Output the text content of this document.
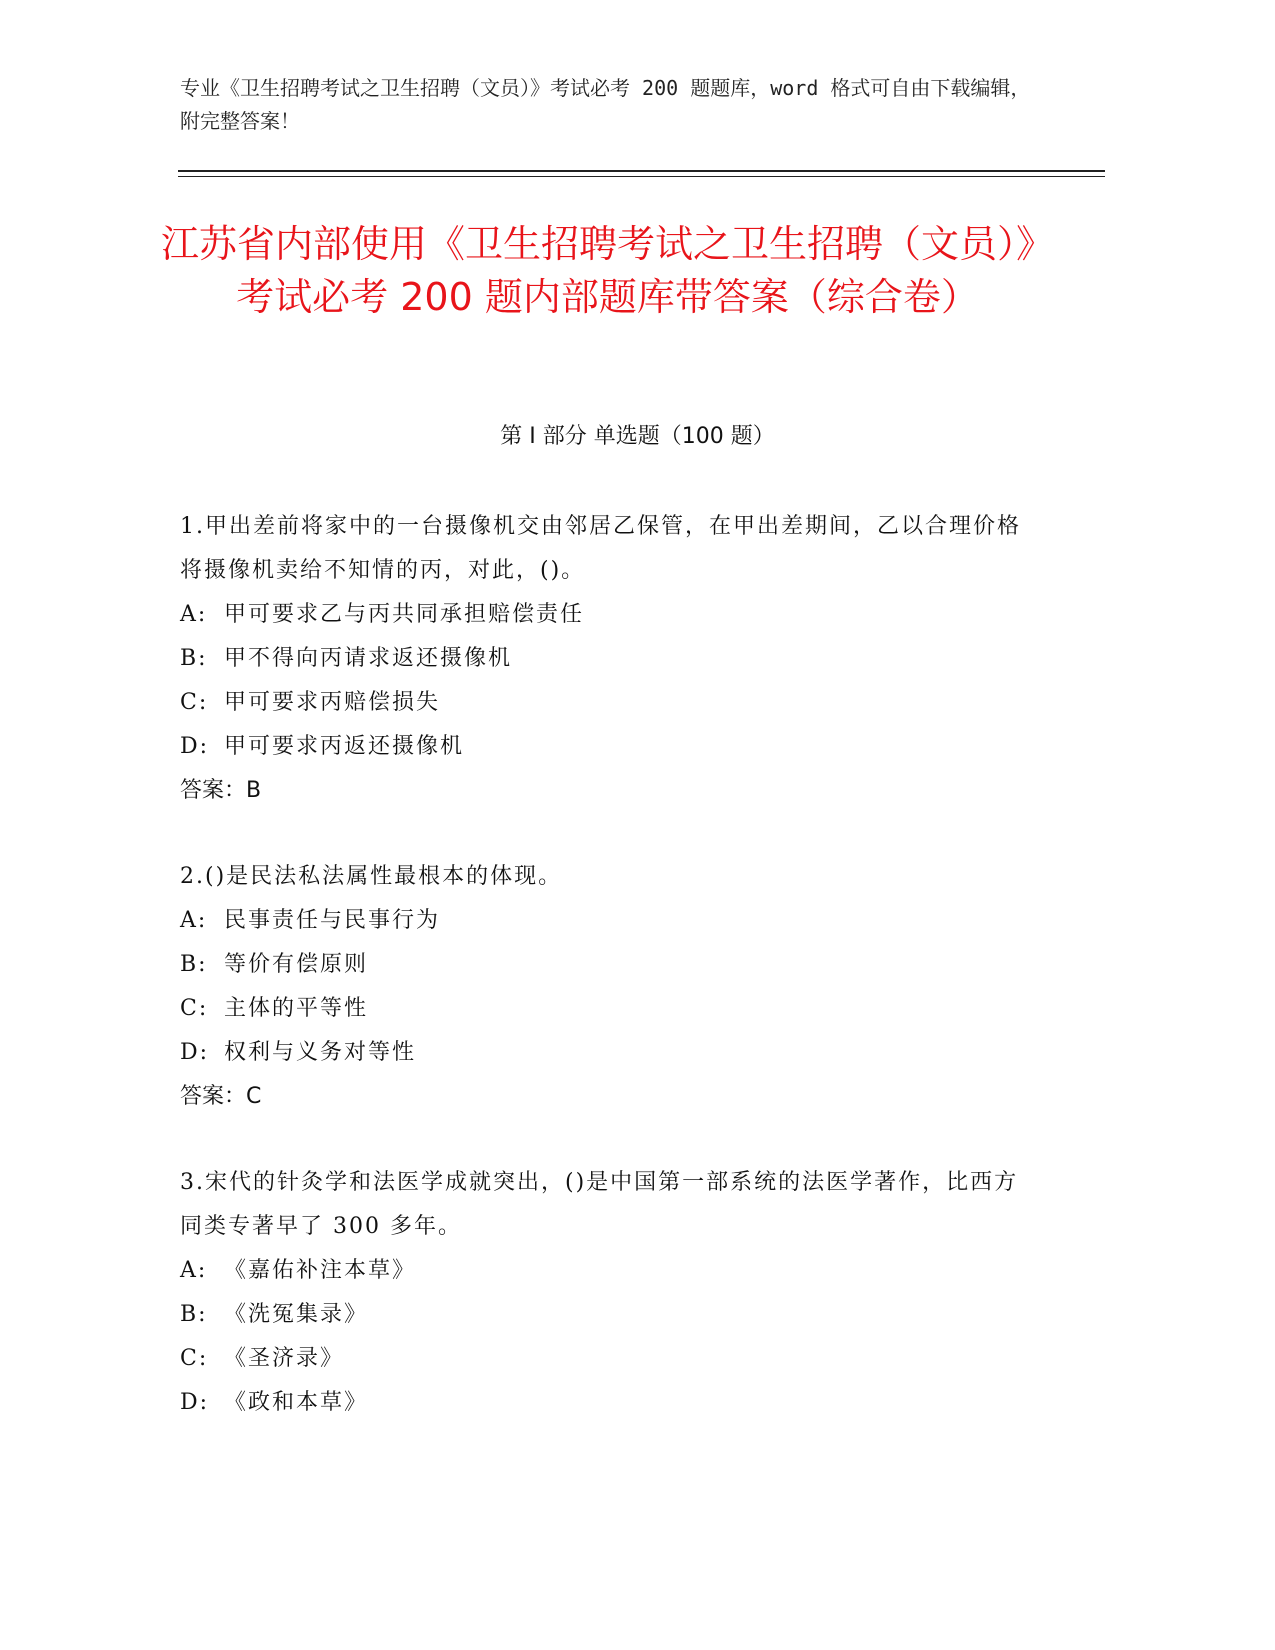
专业《卫生招聘考试之卫生招聘（文员）》考试必考 200 题题库，word 格式可自由下载编辑，附完整答案！
江苏省内部使用《卫生招聘考试之卫生招聘（文员）》考试必考 200 题内部题库带答案（综合卷）
第 I 部分 单选题（100 题）
1.甲出差前将家中的一台摄像机交由邻居乙保管，在甲出差期间，乙以合理价格将摄像机卖给不知情的丙，对此，()。
A: 甲可要求乙与丙共同承担赔偿责任
B: 甲不得向丙请求返还摄像机
C: 甲可要求丙赔偿损失
D: 甲可要求丙返还摄像机
答案：B
2.()是民法私法属性最根本的体现。
A: 民事责任与民事行为
B: 等价有偿原则
C: 主体的平等性
D: 权利与义务对等性
答案：C
3.宋代的针灸学和法医学成就突出，()是中国第一部系统的法医学著作，比西方同类专著早了 300 多年。
A: 《嘉佑补注本草》
B: 《洗冤集录》
C: 《圣济录》
D: 《政和本草》
